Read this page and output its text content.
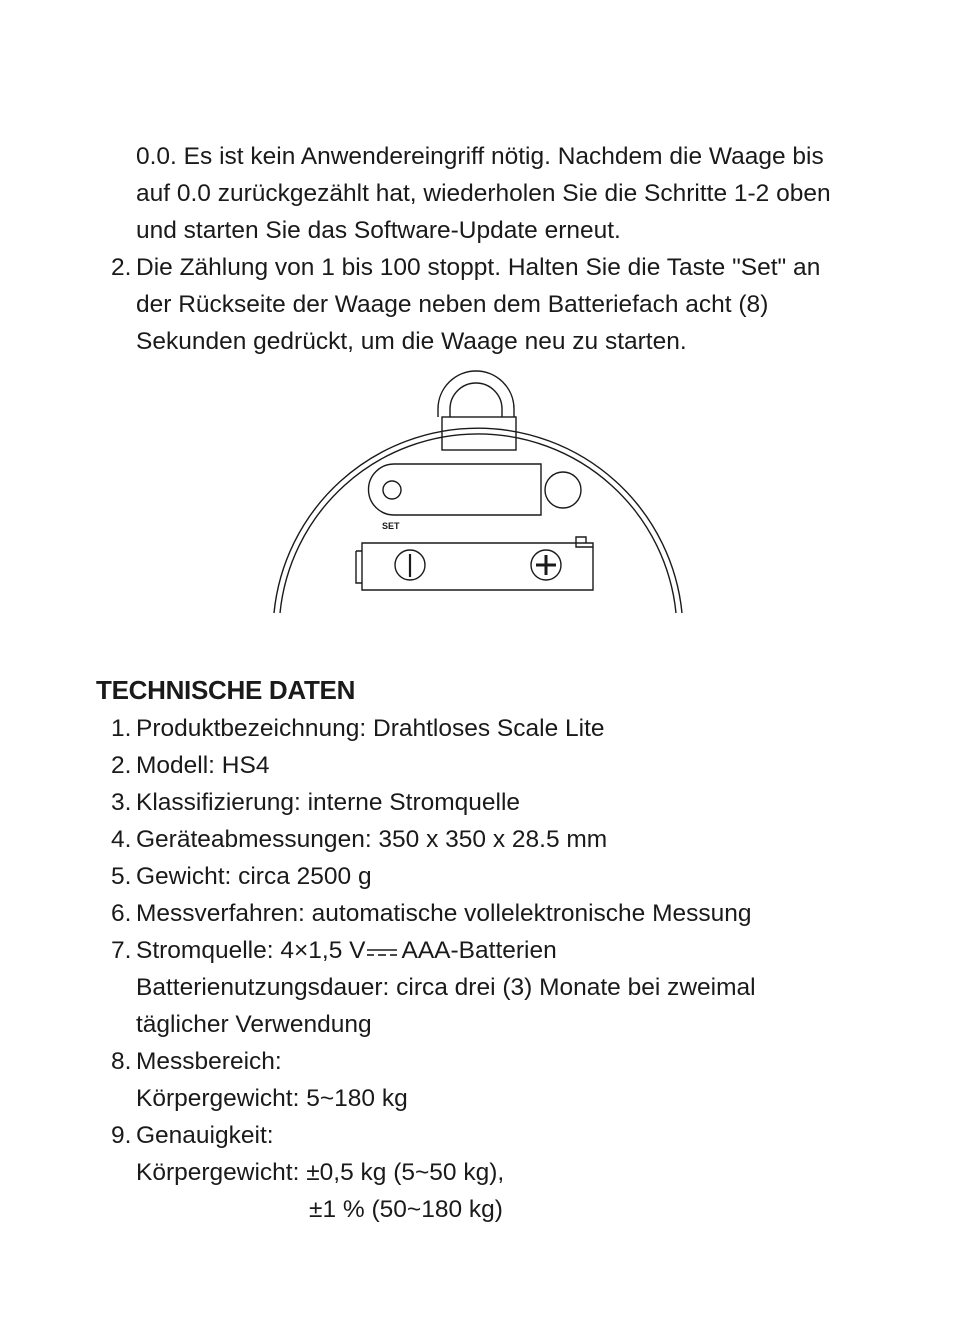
0.0. Es ist kein Anwendereingriff nötig. Nachdem die Waage bis
auf 0.0 zurückgezählt hat, wiederholen Sie die Schritte 1-2 oben
und starten Sie das Software-Update erneut.
2. Die Zählung von 1 bis 100 stoppt. Halten Sie die Taste "Set" an
der Rückseite der Waage neben dem Batteriefach acht (8)
Sekunden gedrückt, um die Waage neu zu starten.
SET
TECHNISCHE DATEN
1. Produktbezeichnung: Drahtloses Scale Lite
2. Modell: HS4
3. Klassifizierung: interne Stromquelle
4. Geräteabmessungen: 350 x 350 x 28.5 mm
5. Gewicht: circa 2500 g
6. Messverfahren: automatische vollelektronische Messung
7. Stromquelle: 4×1,5 V AAA-Batterien
Batterienutzungsdauer: circa drei (3) Monate bei zweimal
täglicher Verwendung
8. Messbereich:
Körpergewicht: 5~180 kg
9. Genauigkeit:
Körpergewicht: ±0,5 kg (5~50 kg),
±1 % (50~180 kg)
